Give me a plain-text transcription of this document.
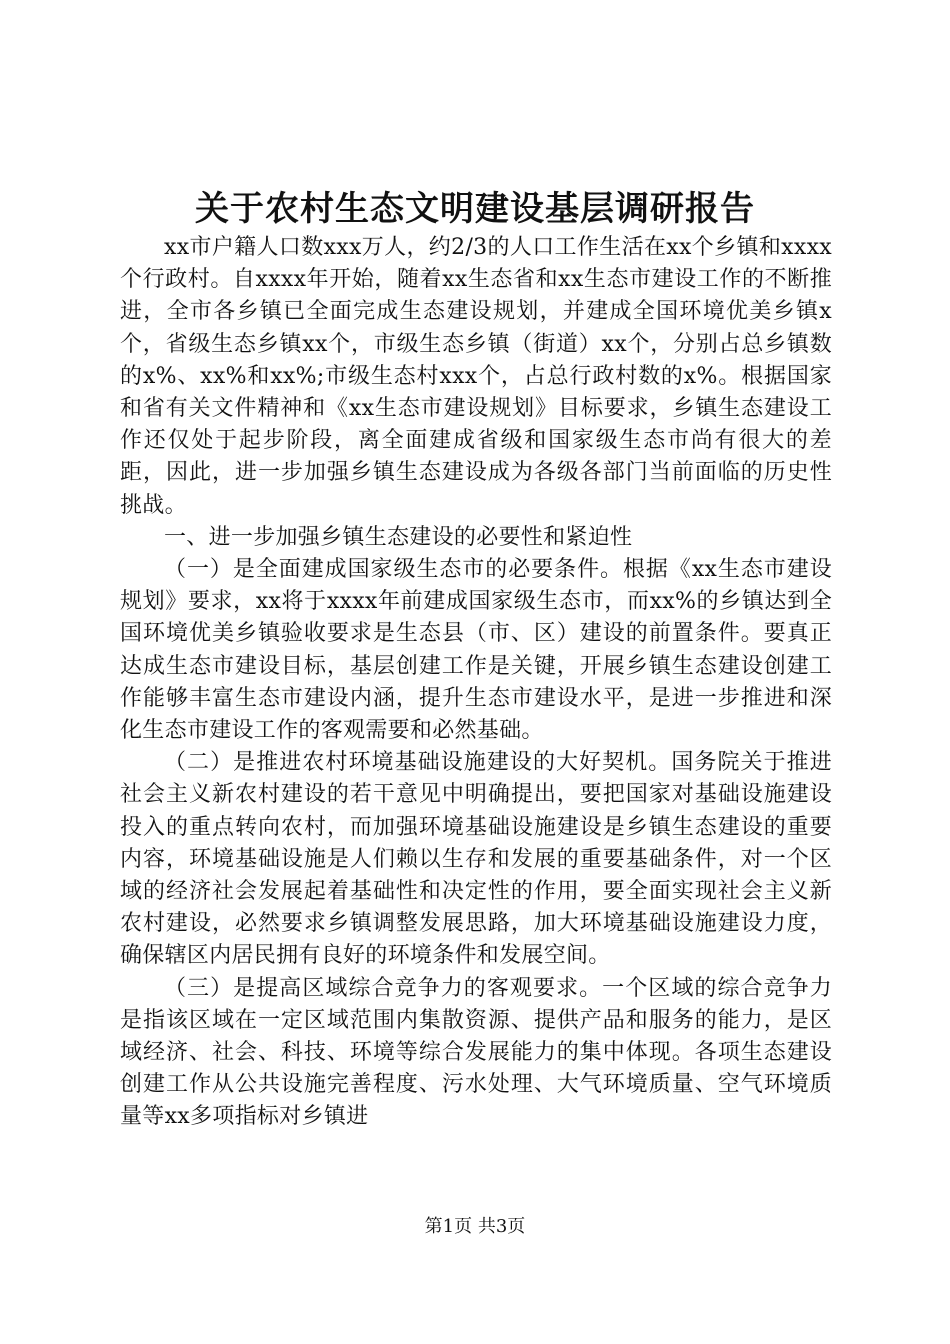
关于农村生态文明建设基层调研报告

xx市户籍人口数xxx万人，约2/3的人口工作生活在xx个乡镇和xxxx个行政村。自xxxx年开始，随着xx生态省和xx生态市建设工作的不断推进，全市各乡镇已全面完成生态建设规划，并建成全国环境优美乡镇x个，省级生态乡镇xx个，市级生态乡镇（街道）xx个，分别占总乡镇数的x%、xx%和xx%;市级生态村xxx个，占总行政村数的x%。根据国家和省有关文件精神和《xx生态市建设规划》目标要求，乡镇生态建设工作还仅处于起步阶段，离全面建成省级和国家级生态市尚有很大的差距，因此，进一步加强乡镇生态建设成为各级各部门当前面临的历史性挑战。

一、进一步加强乡镇生态建设的必要性和紧迫性

（一）是全面建成国家级生态市的必要条件。根据《xx生态市建设规划》要求，xx将于xxxx年前建成国家级生态市，而xx%的乡镇达到全国环境优美乡镇验收要求是生态县（市、区）建设的前置条件。要真正达成生态市建设目标，基层创建工作是关键，开展乡镇生态建设创建工作能够丰富生态市建设内涵，提升生态市建设水平，是进一步推进和深化生态市建设工作的客观需要和必然基础。

（二）是推进农村环境基础设施建设的大好契机。国务院关于推进社会主义新农村建设的若干意见中明确提出，要把国家对基础设施建设投入的重点转向农村，而加强环境基础设施建设是乡镇生态建设的重要内容，环境基础设施是人们赖以生存和发展的重要基础条件，对一个区域的经济社会发展起着基础性和决定性的作用，要全面实现社会主义新农村建设，必然要求乡镇调整发展思路，加大环境基础设施建设力度，确保辖区内居民拥有良好的环境条件和发展空间。

（三）是提高区域综合竞争力的客观要求。一个区域的综合竞争力是指该区域在一定区域范围内集散资源、提供产品和服务的能力，是区域经济、社会、科技、环境等综合发展能力的集中体现。各项生态建设创建工作从公共设施完善程度、污水处理、大气环境质量、空气环境质量等xx多项指标对乡镇进

第1页 共3页
